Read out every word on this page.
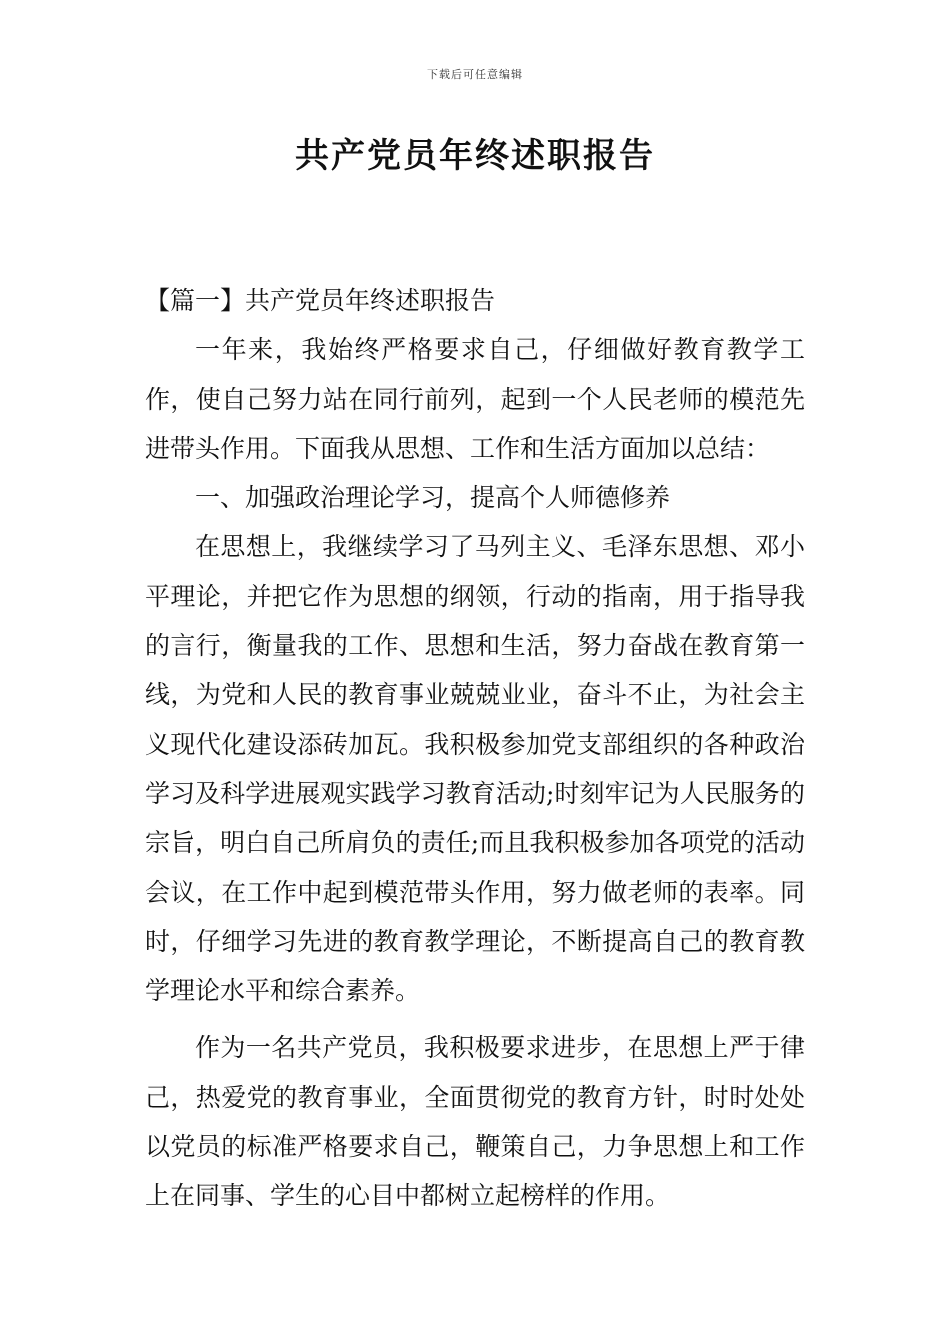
下载后可任意编辑
共产党员年终述职报告

【篇一】共产党员年终述职报告

一年来，我始终严格要求自己，仔细做好教育教学工作，使自己努力站在同行前列，起到一个人民老师的模范先进带头作用。下面我从思想、工作和生活方面加以总结：

一、加强政治理论学习，提高个人师德修养

在思想上，我继续学习了马列主义、毛泽东思想、邓小平理论，并把它作为思想的纲领，行动的指南，用于指导我的言行，衡量我的工作、思想和生活，努力奋战在教育第一线，为党和人民的教育事业兢兢业业，奋斗不止，为社会主义现代化建设添砖加瓦。我积极参加党支部组织的各种政治学习及科学进展观实践学习教育活动;时刻牢记为人民服务的宗旨，明白自己所肩负的责任;而且我积极参加各项党的活动会议，在工作中起到模范带头作用，努力做老师的表率。同时，仔细学习先进的教育教学理论，不断提高自己的教育教学理论水平和综合素养。

作为一名共产党员，我积极要求进步，在思想上严于律己，热爱党的教育事业，全面贯彻党的教育方针，时时处处以党员的标准严格要求自己，鞭策自己，力争思想上和工作上在同事、学生的心目中都树立起榜样的作用。
